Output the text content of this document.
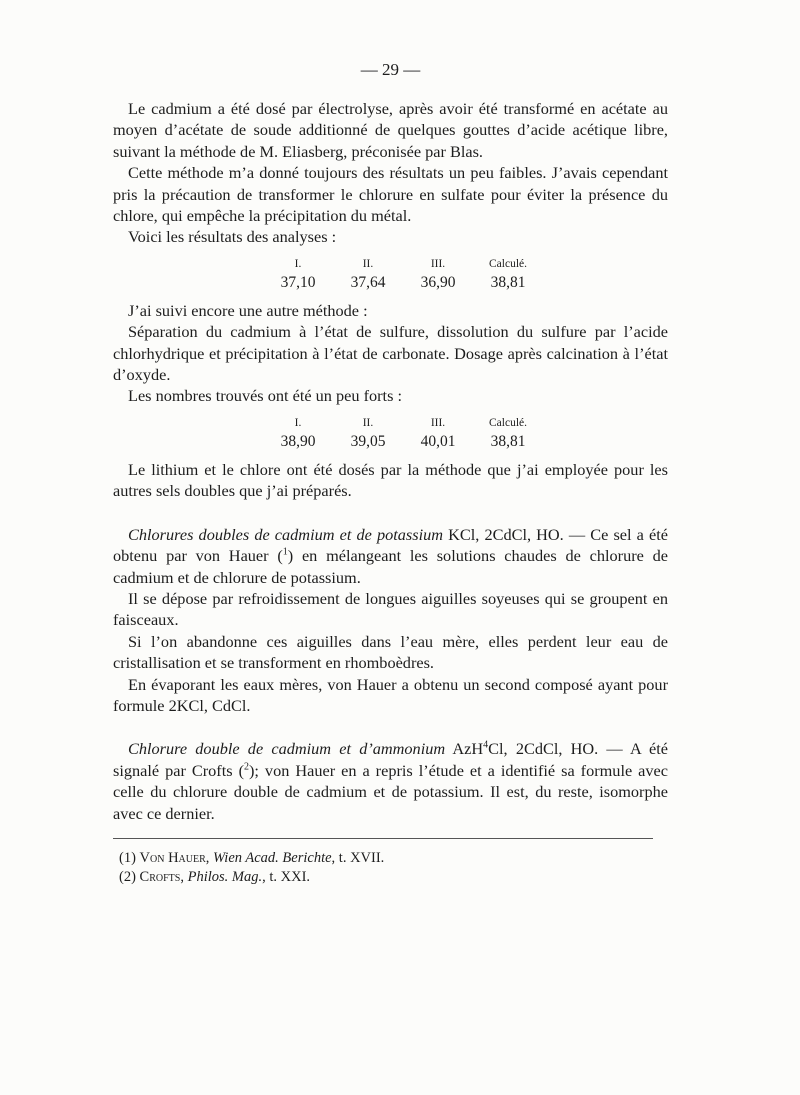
— 29 —

Le cadmium a été dosé par électrolyse, après avoir été transformé en acétate au moyen d’acétate de soude additionné de quelques gouttes d’acide acétique libre, suivant la méthode de M. Eliasberg, préconisée par Blas.

Cette méthode m’a donné toujours des résultats un peu faibles. J’avais cependant pris la précaution de transformer le chlorure en sulfate pour éviter la présence du chlore, qui empêche la précipitation du métal.

Voici les résultats des analyses :

I.	II.	III.	Calculé.
37,10	37,64	36,90	38,81

J’ai suivi encore une autre méthode :

Séparation du cadmium à l’état de sulfure, dissolution du sulfure par l’acide chlorhydrique et précipitation à l’état de carbonate. Dosage après calcination à l’état d’oxyde.

Les nombres trouvés ont été un peu forts :

I.	II.	III.	Calculé.
38,90	39,05	40,01	38,81

Le lithium et le chlore ont été dosés par la méthode que j’ai employée pour les autres sels doubles que j’ai préparés.

Chlorures doubles de cadmium et de potassium KCl, 2CdCl, HO. — Ce sel a été obtenu par von Hauer ($^1$) en mélangeant les solutions chaudes de chlorure de cadmium et de chlorure de potassium.

Il se dépose par refroidissement de longues aiguilles soyeuses qui se groupent en faisceaux.

Si l’on abandonne ces aiguilles dans l’eau mère, elles perdent leur eau de cristallisation et se transforment en rhomboèdres.

En évaporant les eaux mères, von Hauer a obtenu un second composé ayant pour formule 2KCl, CdCl.

Chlorure double de cadmium et d’ammonium AzH$^4$Cl, 2CdCl, HO. — A été signalé par Crofts ($^2$); von Hauer en a repris l’étude et a identifié sa formule avec celle du chlorure double de cadmium et de potassium. Il est, du reste, isomorphe avec ce dernier.

(1) Von Hauer, Wien Acad. Berichte, t. XVII.
(2) Crofts, Philos. Mag., t. XXI.
